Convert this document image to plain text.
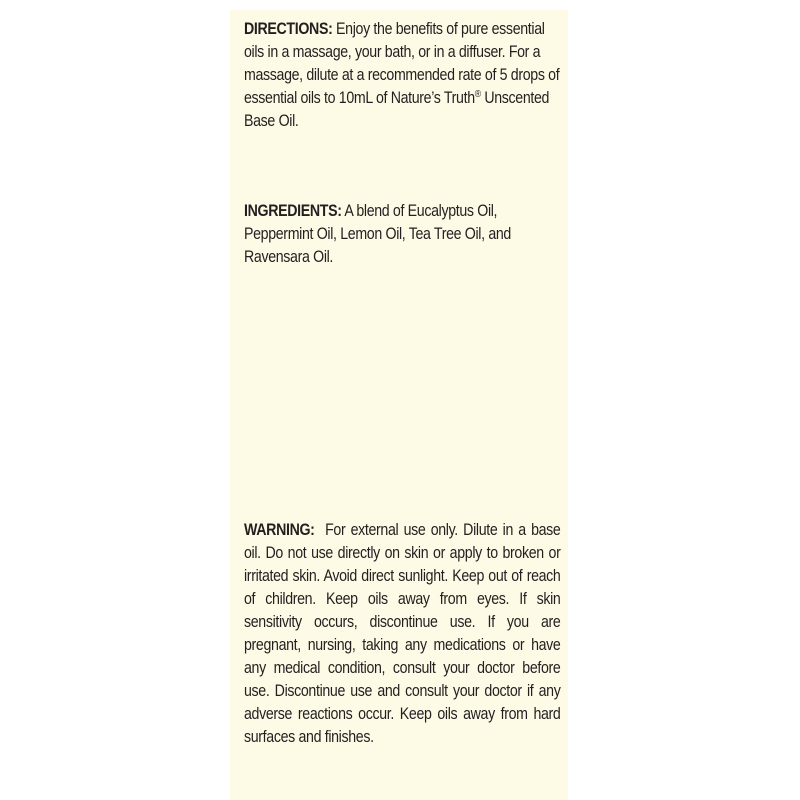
DIRECTIONS: Enjoy the benefits of pure essential oils in a massage, your bath, or in a diffuser. For a massage, dilute at a recommended rate of 5 drops of essential oils to 10mL of Nature’s Truth® Unscented Base Oil.
INGREDIENTS: A blend of Eucalyptus Oil, Peppermint Oil, Lemon Oil, Tea Tree Oil, and Ravensara Oil.
WARNING:  For external use only. Dilute in a base oil. Do not use directly on skin or apply to broken or irritated skin. Avoid direct sunlight. Keep out of reach of children. Keep oils away from eyes. If skin sensitivity occurs, discontinue use. If you are pregnant, nursing, taking any medications or have any medical condition, consult your doctor before use. Discontinue use and consult your doctor if any adverse reactions occur. Keep oils away from hard surfaces and finishes.
